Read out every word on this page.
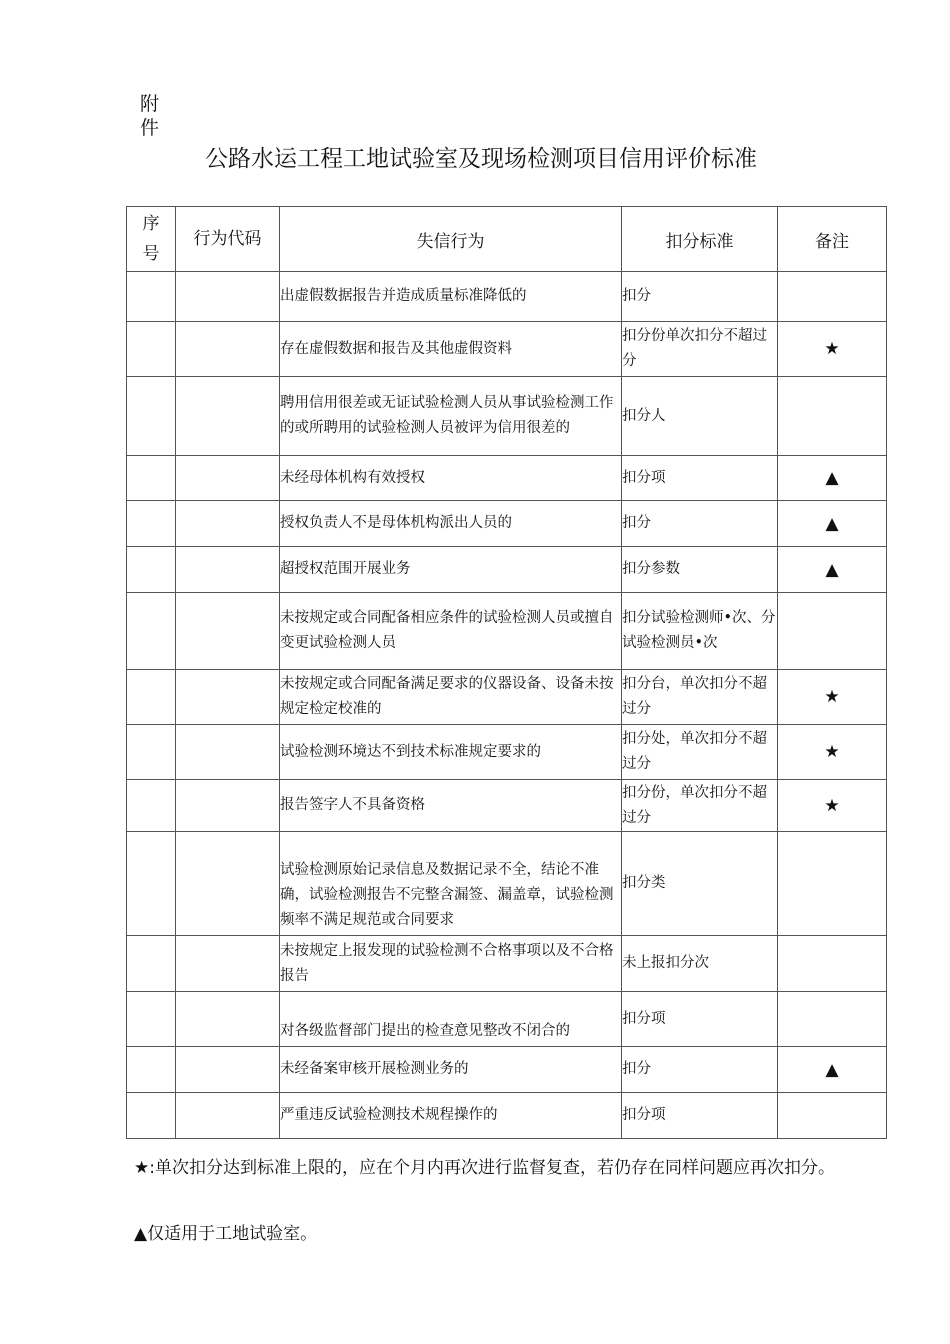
附件
公路水运工程工地试验室及现场检测项目信用评价标准
序号	行为代码	失信行为	扣分标准	备注
		出虚假数据报告并造成质量标准降低的	扣分	
		存在虚假数据和报告及其他虚假资料	扣分份单次扣分不超过分	★
		聘用信用很差或无证试验检测人员从事试验检测工作的或所聘用的试验检测人员被评为信用很差的	扣分人	
		未经母体机构有效授权	扣分项	▲
		授权负责人不是母体机构派出人员的	扣分	▲
		超授权范围开展业务	扣分参数	▲
		未按规定或合同配备相应条件的试验检测人员或擅自变更试验检测人员	扣分试验检测师•次、分试验检测员•次	
		未按规定或合同配备满足要求的仪器设备、设备未按规定检定校准的	扣分台，单次扣分不超过分	★
		试验检测环境达不到技术标准规定要求的	扣分处，单次扣分不超过分	★
		报告签字人不具备资格	扣分份，单次扣分不超过分	★
		试验检测原始记录信息及数据记录不全，结论不准确，试验检测报告不完整含漏签、漏盖章，试验检测频率不满足规范或合同要求	扣分类	
		未按规定上报发现的试验检测不合格事项以及不合格报告	未上报扣分次	
		对各级监督部门提出的检查意见整改不闭合的	扣分项	
		未经备案审核开展检测业务的	扣分	▲
		严重违反试验检测技术规程操作的	扣分项	
★:单次扣分达到标准上限的，应在个月内再次进行监督复查，若仍存在同样问题应再次扣分。
▲仅适用于工地试验室。
